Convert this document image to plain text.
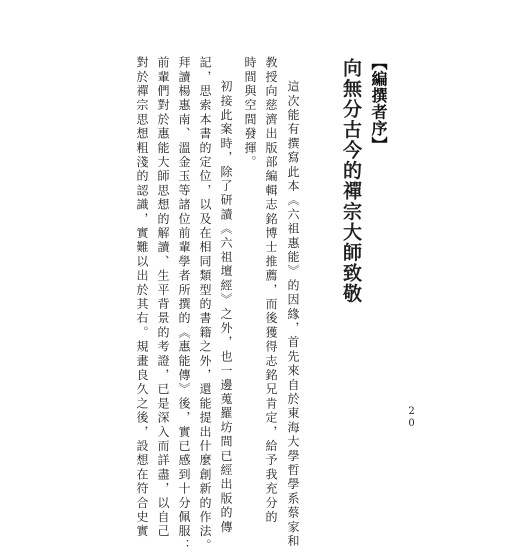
【編撰者序】
向無分古今的禪宗大師致敬
這次能有撰寫此本《六祖惠能》的因緣，首先來自於東海大學哲學系蔡家和
教授向慈濟出版部編輯志銘博士推薦，而後獲得志銘兄肯定，給予我充分的
時間與空間發揮。
初接此案時，除了研讀《六祖壇經》之外，也一邊蒐羅坊間已經出版的傳
記，思索本書的定位，以及在相同類型的書籍之外，還能提出什麼創新的作法。
拜讀楊惠南、溫金玉等諸位前輩學者所撰的《惠能傳》後，實已感到十分佩服：
前輩們對於惠能大師思想的解讀、生平背景的考證，已是深入而詳盡，以自己
對於禪宗思想粗淺的認識，實難以出於其右。規畫良久之後，設想在符合史實	20
